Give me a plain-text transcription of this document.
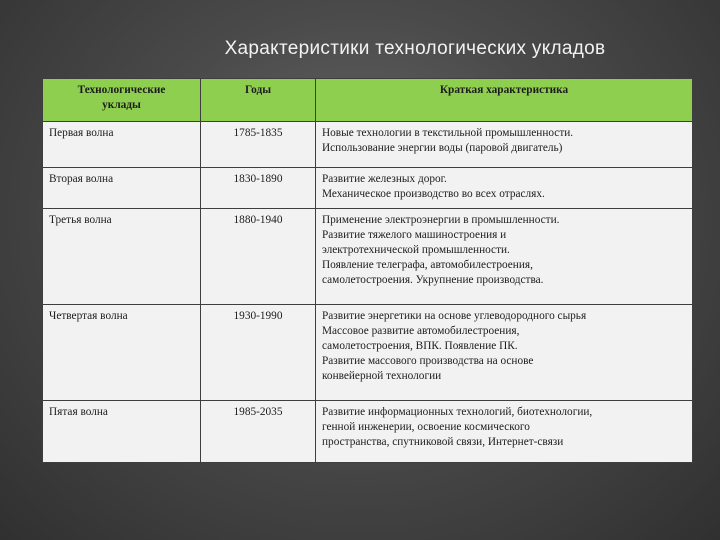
Характеристики технологических укладов
Технологические
уклады	Годы	Краткая характеристика
Первая волна	1785-1835	Новые технологии в текстильной промышленности.
Использование энергии воды (паровой двигатель)

Вторая волна	1830-1890	Развитие железных дорог.
Механическое производство во всех отраслях.

Третья волна	1880-1940	Применение электроэнергии в промышленности.
Развитие тяжелого машиностроения и
электротехнической промышленности.
Появление телеграфа, автомобилестроения,
самолетостроения. Укрупнение производства.

Четвертая волна	1930-1990	Развитие энергетики на основе углеводородного сырья
Массовое развитие автомобилестроения,
самолетостроения, ВПК. Появление ПК.
Развитие массового производства на основе
конвейерной технологии

Пятая волна	1985-2035	Развитие информационных технологий, биотехнологии,
генной инженерии, освоение космического
пространства, спутниковой связи, Интернет-связи
